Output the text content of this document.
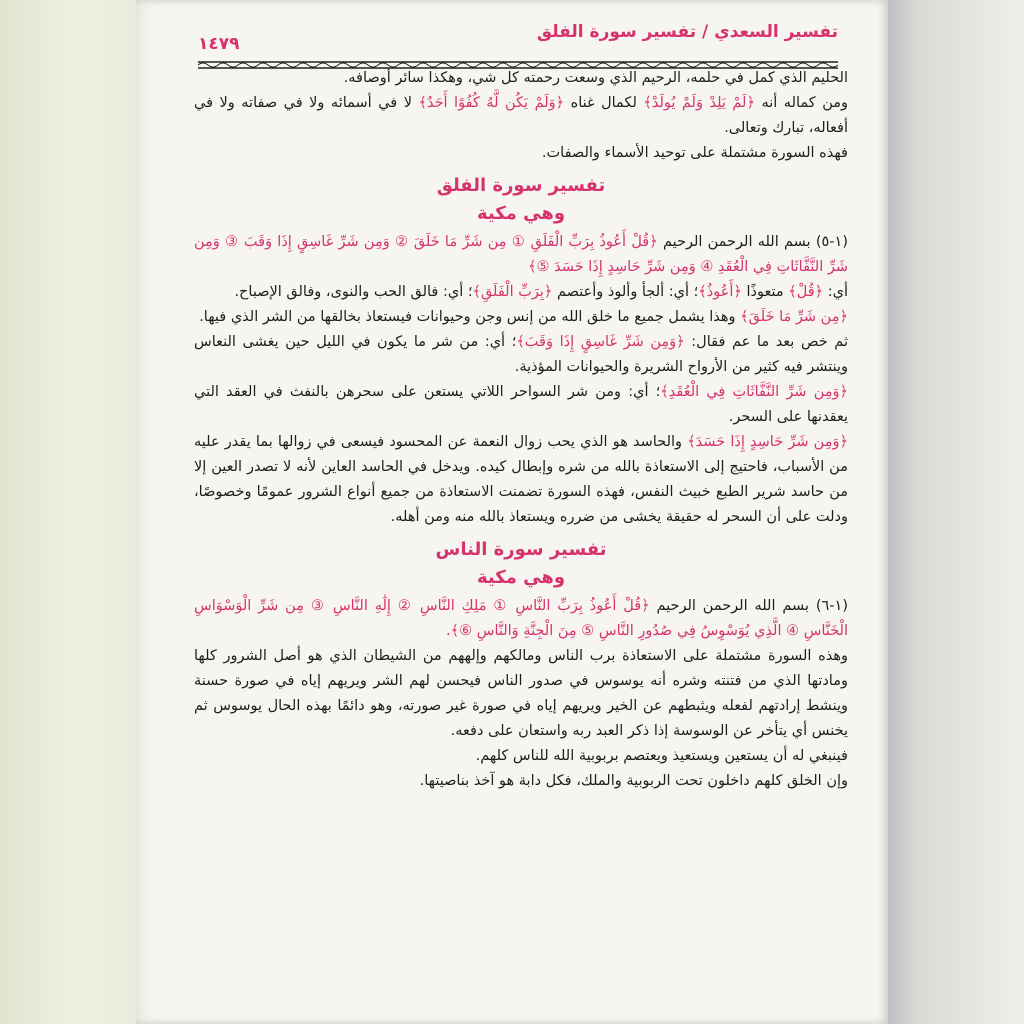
تفسير السعدي / تفسير سورة الفلق
١٤٧٩

الحليم الذي كمل في حلمه، الرحيم الذي وسعت رحمته كل شي، وهكذا سائر أوصافه.

ومن كماله أنه ﴿لَمْ يَلِدْ وَلَمْ يُولَدْ﴾ لكمال غناه ﴿وَلَمْ يَكُن لَّهُ كُفُوًا أَحَدٌ﴾ لا في أسمائه ولا في صفاته ولا في أفعاله، تبارك وتعالى.

فهذه السورة مشتملة على توحيد الأسماء والصفات.

تفسير سورة الفلق
وهي مكية

(١-٥) بسم الله الرحمن الرحيم ﴿قُلْ أَعُوذُ بِرَبِّ الْفَلَقِ ① مِن شَرِّ مَا خَلَقَ ② وَمِن شَرِّ غَاسِقٍ إِذَا وَقَبَ ③ وَمِن شَرِّ النَّفَّاثَاتِ فِي الْعُقَدِ ④ وَمِن شَرِّ حَاسِدٍ إِذَا حَسَدَ ⑤﴾

أي: ﴿قُلْ﴾ متعوذًا ﴿أَعُوذُ﴾؛ أي: ألجأ وألوذ وأعتصم ﴿بِرَبِّ الْفَلَقِ﴾؛ أي: فالق الحب والنوى، وفالق الإصباح.

﴿مِن شَرِّ مَا خَلَقَ﴾ وهذا يشمل جميع ما خلق الله من إنس وجن وحيوانات فيستعاذ بخالقها من الشر الذي فيها.

ثم خص بعد ما عم فقال: ﴿وَمِن شَرِّ غَاسِقٍ إِذَا وَقَبَ﴾؛ أي: من شر ما يكون في الليل حين يغشى النعاس وينتشر فيه كثير من الأرواح الشريرة والحيوانات المؤذية.

﴿وَمِن شَرِّ النَّفَّاثَاتِ فِي الْعُقَدِ﴾؛ أي: ومن شر السواحر اللاتي يستعن على سحرهن بالنفث في العقد التي يعقدنها على السحر.

﴿وَمِن شَرِّ حَاسِدٍ إِذَا حَسَدَ﴾ والحاسد هو الذي يحب زوال النعمة عن المحسود فيسعى في زوالها بما يقدر عليه من الأسباب، فاحتيج إلى الاستعاذة بالله من شره وإبطال كيده. ويدخل في الحاسد العاين لأنه لا تصدر العين إلا من حاسد شرير الطبع خبيث النفس، فهذه السورة تضمنت الاستعاذة من جميع أنواع الشرور عمومًا وخصوصًا، ودلت على أن السحر له حقيقة يخشى من ضرره ويستعاذ بالله منه ومن أهله.

تفسير سورة الناس
وهي مكية

(١-٦) بسم الله الرحمن الرحيم ﴿قُلْ أَعُوذُ بِرَبِّ النَّاسِ ① مَلِكِ النَّاسِ ② إِلَٰهِ النَّاسِ ③ مِن شَرِّ الْوَسْوَاسِ الْخَنَّاسِ ④ الَّذِي يُوَسْوِسُ فِي صُدُورِ النَّاسِ ⑤ مِنَ الْجِنَّةِ وَالنَّاسِ ⑥﴾.

وهذه السورة مشتملة على الاستعاذة برب الناس ومالكهم وإلههم من الشيطان الذي هو أصل الشرور كلها ومادتها الذي من فتنته وشره أنه يوسوس في صدور الناس فيحسن لهم الشر ويريهم إياه في صورة حسنة وينشط إرادتهم لفعله ويثبطهم عن الخير ويريهم إياه في صورة غير صورته، وهو دائمًا بهذه الحال يوسوس ثم يخنس أي يتأخر عن الوسوسة إذا ذكر العبد ربه واستعان على دفعه.

فينبغي له أن يستعين ويستعيذ ويعتصم بربوبية الله للناس كلهم.

وإن الخلق كلهم داخلون تحت الربوبية والملك، فكل دابة هو آخذ بناصيتها.
